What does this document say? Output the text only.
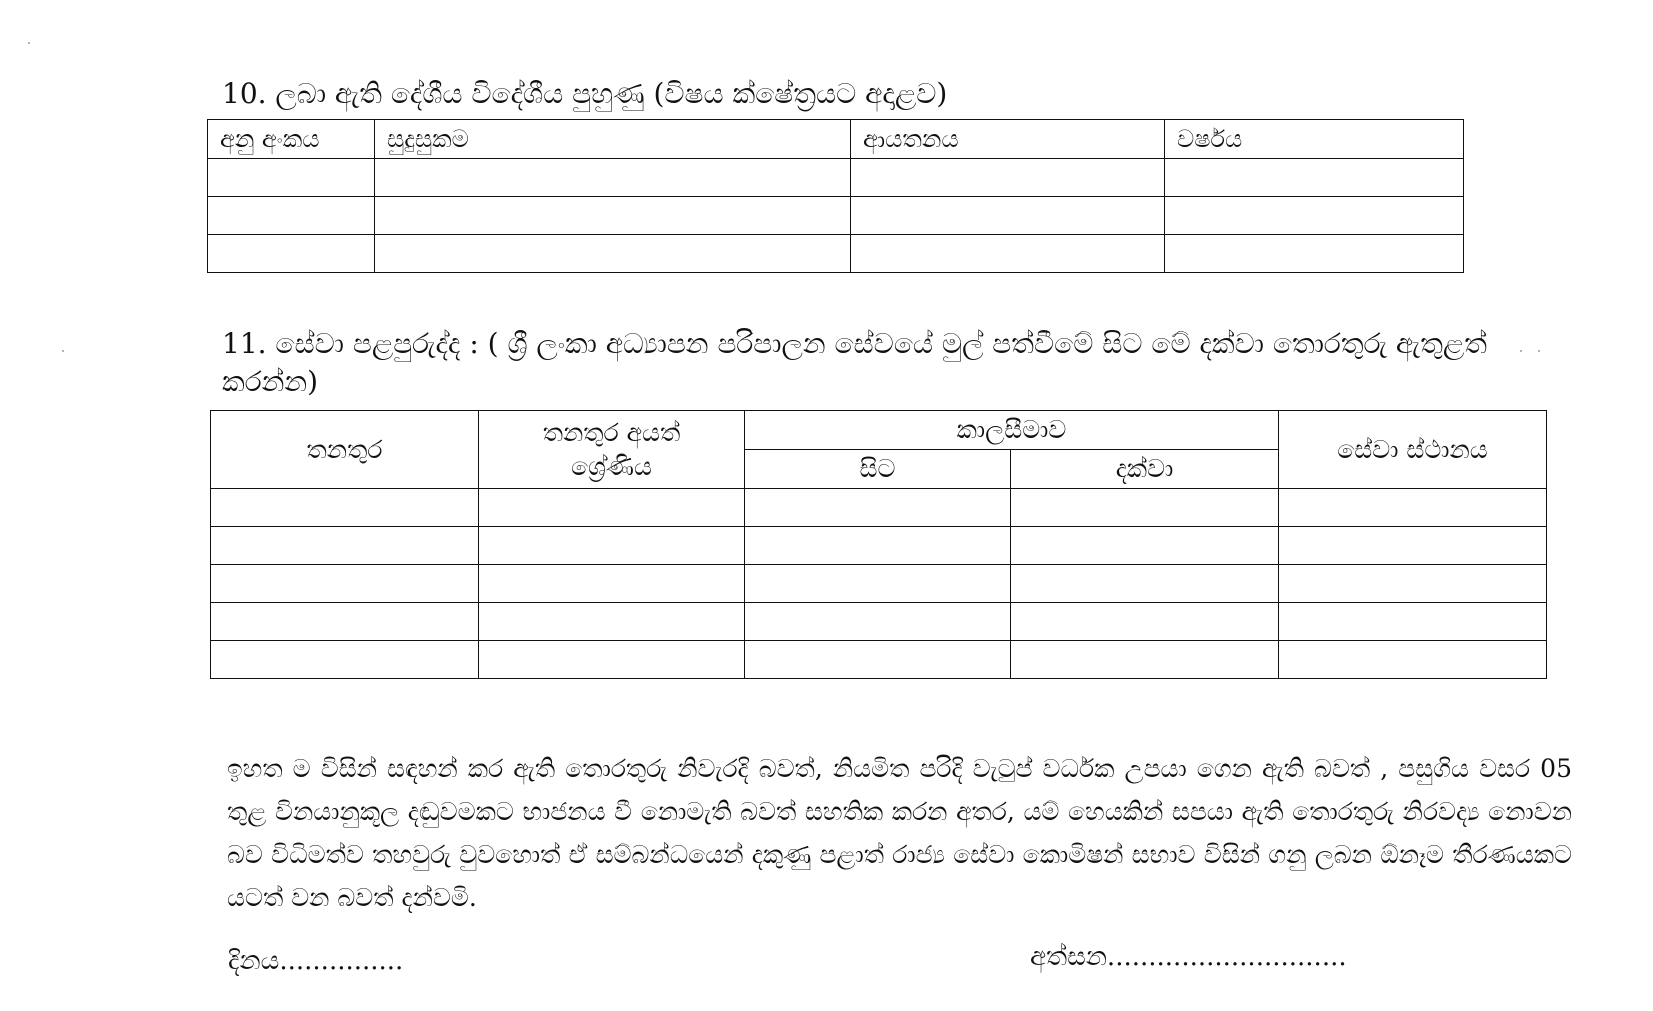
10. ලබා ඇති දේශීය විදේශීය පුහුණු (විෂය ක්ෂේත්‍රයට අදාළව)
අනු අංකය	සුදුසුකම	ආයතනය	වර්ෂය

11. සේවා පළපුරුද්ද : ( ශ්‍රී ලංකා අධ්‍යාපන පරිපාලන සේවයේ මුල් පත්වීමේ සිට මේ දක්වා තොරතුරු ඇතුළත් කරන්න)
තනතුර	තනතුර අයත් ශ්‍රේණිය	කාලසීමාව		සේවා ස්ථානය
		සිට	දක්වා	

ඉහත ම විසින් සඳහන් කර ඇති තොරතුරු නිවැරදි බවත්, නියමිත පරිදි වැටුප් වර්ධක උපයා ගෙන ඇති බවත් , පසුගිය වසර 05 තුළ විනයානුකූල දඬුවමකට භාජනය වී නොමැති බවත් සහතික කරන අතර, යම් හෙයකින් සපයා ඇති තොරතුරු නිරවද්‍ය නොවන බව විධිමත්ව තහවුරු වුවහොත් ඒ සම්බන්ධයෙන් දකුණු පළාත් රාජ්‍ය සේවා කොමිෂන් සභාව විසින් ගනු ලබන ඕනෑම තීරණයකට යටත් වන බවත් දන්වමි.

දිනය...............	අත්සන.............................
